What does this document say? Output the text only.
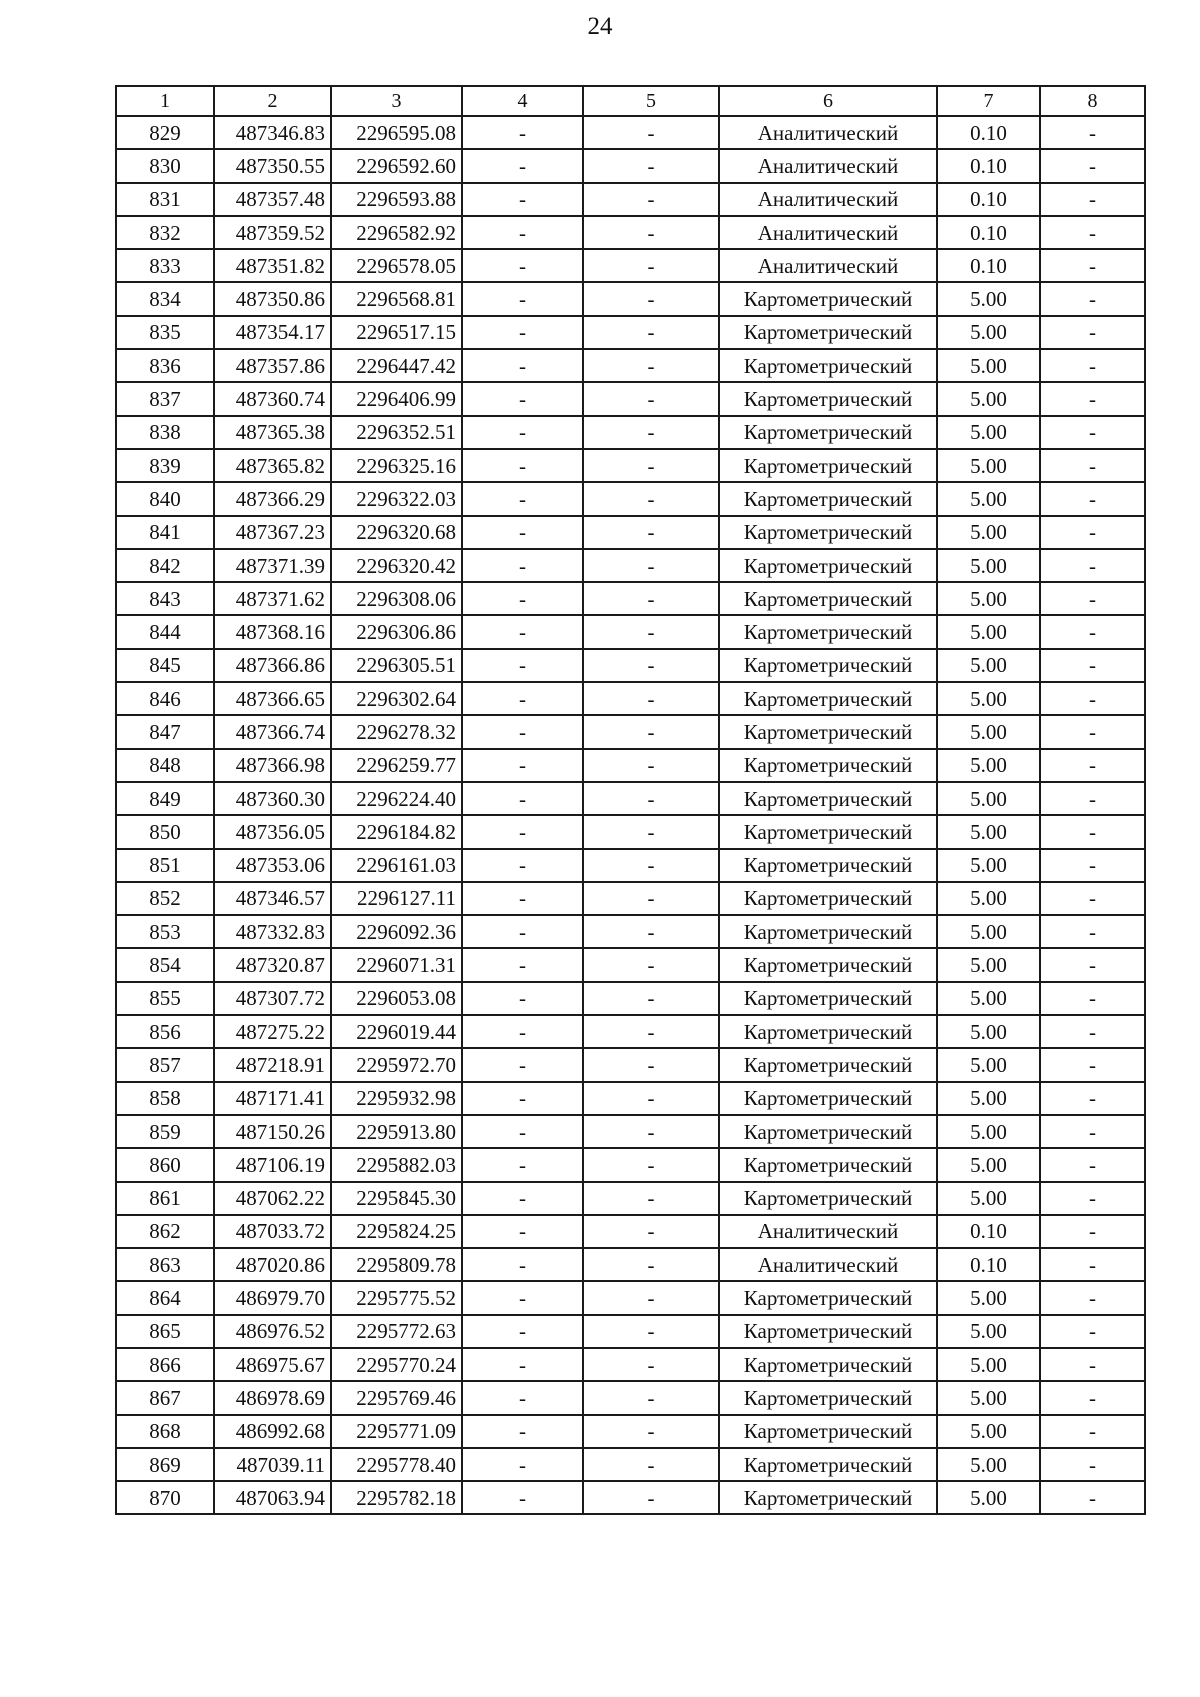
24
1	2	3	4	5	6	7	8
829	487346.83	2296595.08	-	-	Аналитический	0.10	-
830	487350.55	2296592.60	-	-	Аналитический	0.10	-
831	487357.48	2296593.88	-	-	Аналитический	0.10	-
832	487359.52	2296582.92	-	-	Аналитический	0.10	-
833	487351.82	2296578.05	-	-	Аналитический	0.10	-
834	487350.86	2296568.81	-	-	Картометрический	5.00	-
835	487354.17	2296517.15	-	-	Картометрический	5.00	-
836	487357.86	2296447.42	-	-	Картометрический	5.00	-
837	487360.74	2296406.99	-	-	Картометрический	5.00	-
838	487365.38	2296352.51	-	-	Картометрический	5.00	-
839	487365.82	2296325.16	-	-	Картометрический	5.00	-
840	487366.29	2296322.03	-	-	Картометрический	5.00	-
841	487367.23	2296320.68	-	-	Картометрический	5.00	-
842	487371.39	2296320.42	-	-	Картометрический	5.00	-
843	487371.62	2296308.06	-	-	Картометрический	5.00	-
844	487368.16	2296306.86	-	-	Картометрический	5.00	-
845	487366.86	2296305.51	-	-	Картометрический	5.00	-
846	487366.65	2296302.64	-	-	Картометрический	5.00	-
847	487366.74	2296278.32	-	-	Картометрический	5.00	-
848	487366.98	2296259.77	-	-	Картометрический	5.00	-
849	487360.30	2296224.40	-	-	Картометрический	5.00	-
850	487356.05	2296184.82	-	-	Картометрический	5.00	-
851	487353.06	2296161.03	-	-	Картометрический	5.00	-
852	487346.57	2296127.11	-	-	Картометрический	5.00	-
853	487332.83	2296092.36	-	-	Картометрический	5.00	-
854	487320.87	2296071.31	-	-	Картометрический	5.00	-
855	487307.72	2296053.08	-	-	Картометрический	5.00	-
856	487275.22	2296019.44	-	-	Картометрический	5.00	-
857	487218.91	2295972.70	-	-	Картометрический	5.00	-
858	487171.41	2295932.98	-	-	Картометрический	5.00	-
859	487150.26	2295913.80	-	-	Картометрический	5.00	-
860	487106.19	2295882.03	-	-	Картометрический	5.00	-
861	487062.22	2295845.30	-	-	Картометрический	5.00	-
862	487033.72	2295824.25	-	-	Аналитический	0.10	-
863	487020.86	2295809.78	-	-	Аналитический	0.10	-
864	486979.70	2295775.52	-	-	Картометрический	5.00	-
865	486976.52	2295772.63	-	-	Картометрический	5.00	-
866	486975.67	2295770.24	-	-	Картометрический	5.00	-
867	486978.69	2295769.46	-	-	Картометрический	5.00	-
868	486992.68	2295771.09	-	-	Картометрический	5.00	-
869	487039.11	2295778.40	-	-	Картометрический	5.00	-
870	487063.94	2295782.18	-	-	Картометрический	5.00	-
